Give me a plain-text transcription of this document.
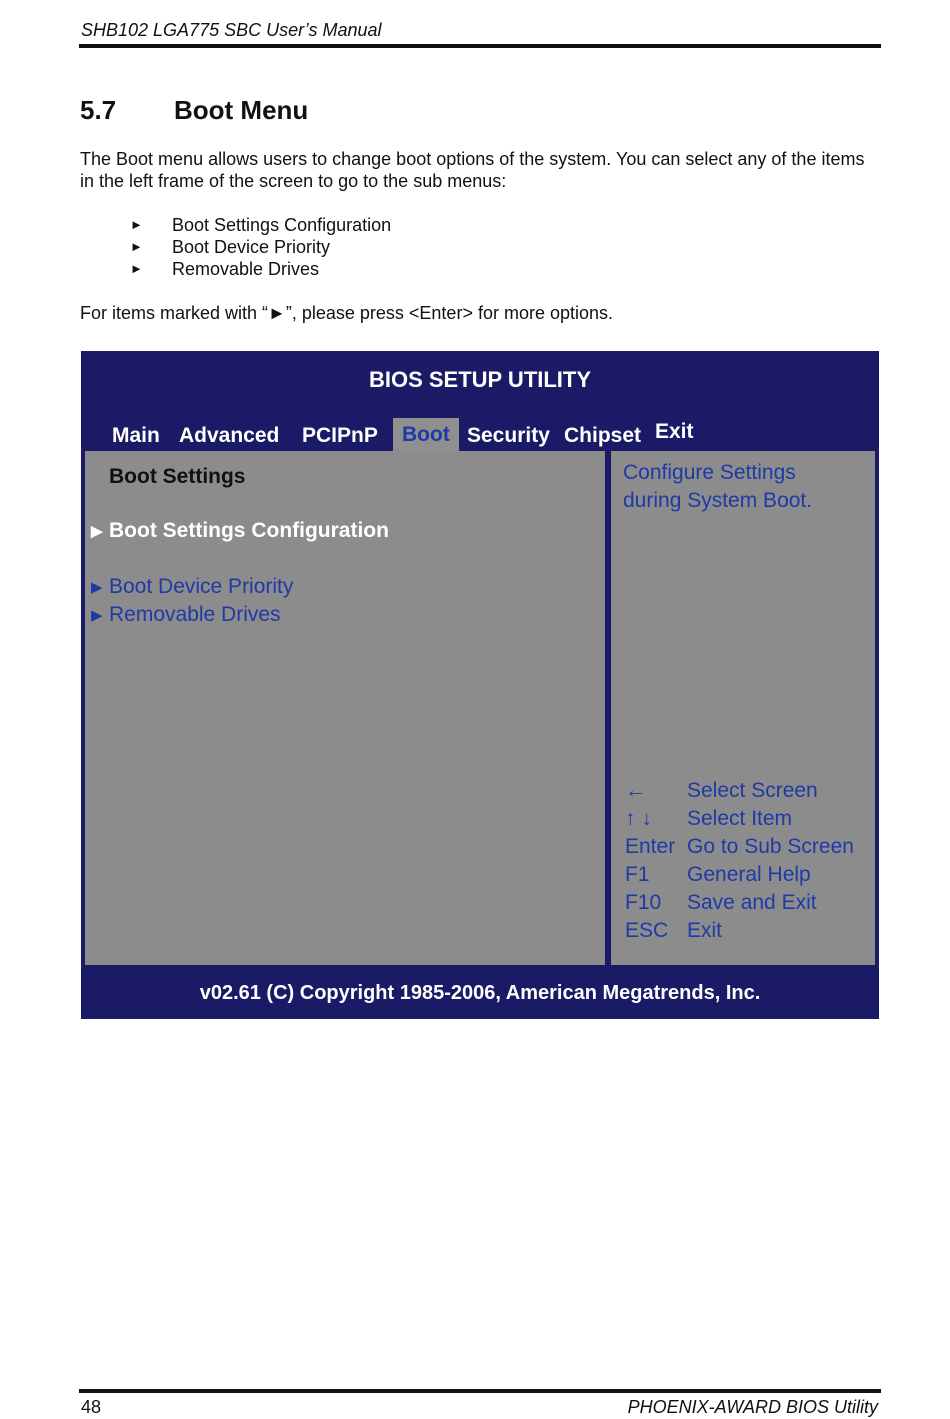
SHB102 LGA775 SBC User’s Manual
5.7 Boot Menu
The Boot menu allows users to change boot options of the system. You can select any of the items in the left frame of the screen to go to the sub menus:
►	Boot Settings Configuration
►	Boot Device Priority
►	Removable Drives
For items marked with “►”, please press <Enter> for more options.
BIOS SETUP UTILITY
Main Advanced PCIPnP	Boot Security Chipset Exit
Boot Settings
▶ Boot Settings Configuration
▶ Boot Device Priority
▶ Removable Drives
Configure Settings
during System Boot.
←	Select Screen
↑ ↓	Select Item
Enter Go to Sub Screen
F1	General Help
F10	Save and Exit
ESC Exit
v02.61 (C) Copyright 1985-2006, American Megatrends, Inc.
48	PHOENIX-AWARD BIOS Utility
